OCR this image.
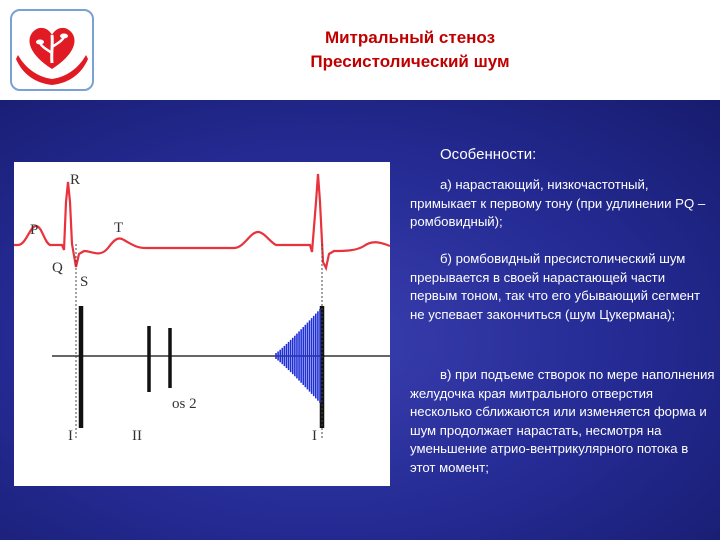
Митральный стеноз
Пресистолический шум
R
P	T
Q
S
I	II
os 2
I
Особенности:
а) нарастающий, низкочастотный, примыкает к первому тону (при удлинении PQ – ромбовидный);
б) ромбовидный пресистолический шум прерывается в своей нарастающей части первым тоном, так что его убывающий сегмент не успевает закончиться (шум Цукермана);
в) при подъеме створок по мере наполнения желудочка края митрального отверстия несколько сближаются или изменяется форма и шум продолжает нарастать, несмотря на уменьшение атрио-вентрикулярного потока в этот момент;
